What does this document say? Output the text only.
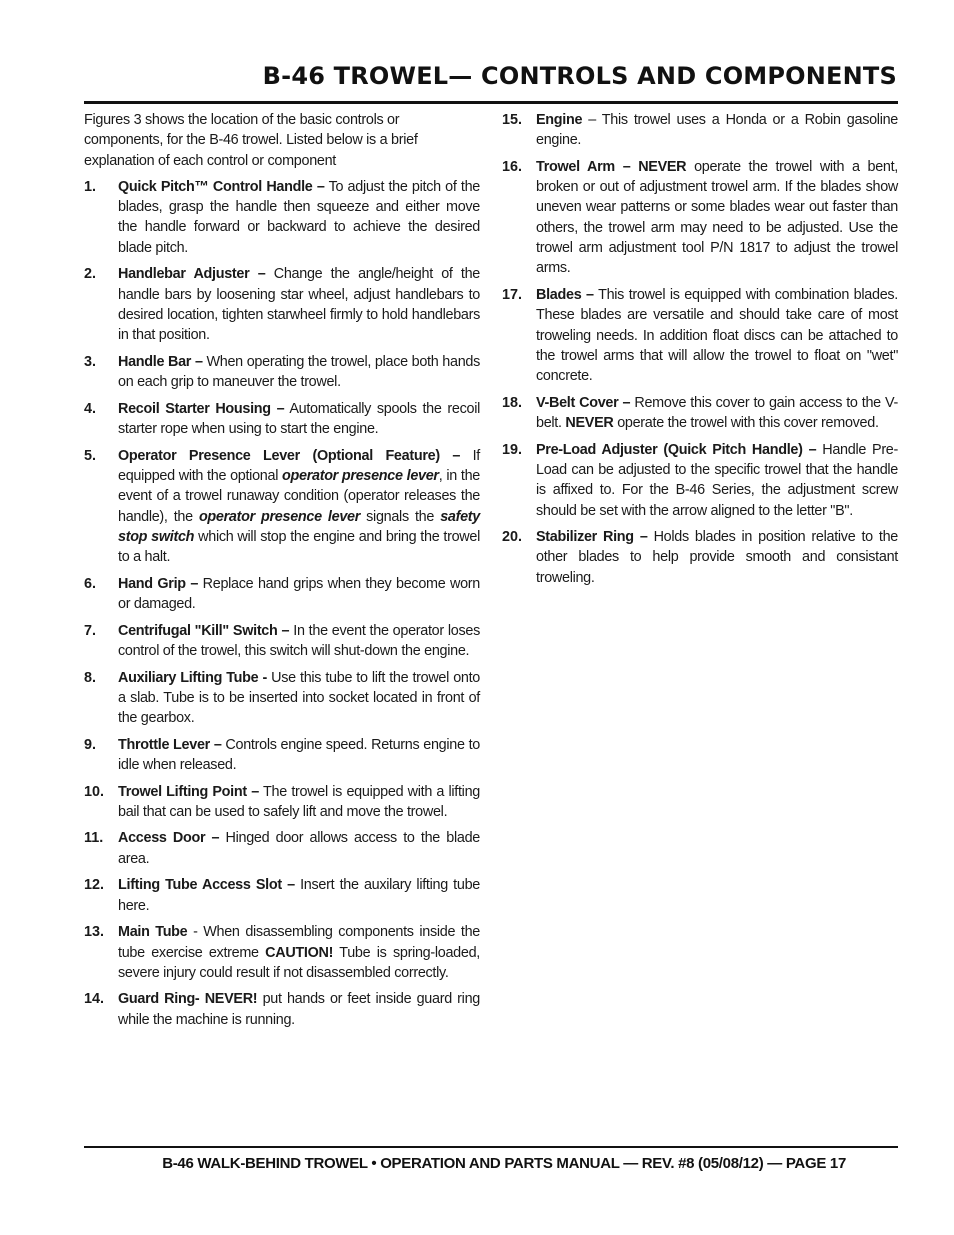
B-46 TROWEL— CONTROLS AND COMPONENTS

Figures 3 shows the location of the basic controls or components, for the B-46 trowel. Listed below is a brief explanation of each control or component

1.	Quick Pitch™ Control Handle – To adjust the pitch of the blades, grasp the handle then squeeze and either move the handle forward or backward to achieve the desired blade pitch.
2.	Handlebar Adjuster – Change the angle/height of the handle bars by loosening star wheel, adjust handlebars to desired location, tighten starwheel firmly to hold handlebars in that position.
3.	Handle Bar – When operating the trowel, place both hands on each grip to maneuver the trowel.
4.	Recoil Starter Housing – Automatically spools the recoil starter rope when using to start the engine.
5.	Operator Presence Lever (Optional Feature) – If equipped with the optional operator presence lever, in the event of a trowel runaway condition (operator releases the handle), the operator presence lever signals the safety stop switch which will stop the engine and bring the trowel to a halt.
6.	Hand Grip – Replace hand grips when they become worn or damaged.
7.	Centrifugal "Kill" Switch – In the event the operator loses control of the trowel, this switch will shut-down the engine.
8.	Auxiliary Lifting Tube - Use this tube to lift the trowel onto a slab. Tube is to be inserted into socket located in front of the gearbox.
9.	Throttle Lever – Controls engine speed. Returns engine to idle when released.
10. Trowel Lifting Point – The trowel is equipped with a lifting bail that can be used to safely lift and move the trowel.
11.	Access Door – Hinged door allows access to the blade area.
12. Lifting Tube Access Slot – Insert the auxilary lifting tube here.
13. Main Tube - When disassembling components inside the tube exercise extreme CAUTION! Tube is spring-loaded, severe injury could result if not disassembled correctly.
14. Guard Ring- NEVER! put hands or feet inside guard ring while the machine is running.
15. Engine – This trowel uses a Honda or a Robin gasoline engine.
16. Trowel Arm – NEVER operate the trowel with a bent, broken or out of adjustment trowel arm. If the blades show uneven wear patterns or some blades wear out faster than others, the trowel arm may need to be adjusted. Use the trowel arm adjustment tool P/N 1817 to adjust the trowel arms.
17. Blades – This trowel is equipped with combination blades. These blades are versatile and should take care of most troweling needs. In addition float discs can be attached to the trowel arms that will allow the trowel to float on "wet" concrete.
18. V-Belt Cover – Remove this cover to gain access to the V-belt. NEVER operate the trowel with this cover removed.
19. Pre-Load Adjuster (Quick Pitch Handle) – Handle Pre-Load can be adjusted to the specific trowel that the handle is affixed to. For the B-46 Series, the adjustment screw should be set with the arrow aligned to the letter "B".
20. Stabilizer Ring – Holds blades in position relative to the other blades to help provide smooth and consistant troweling.
B-46 WALK-BEHIND TROWEL • OPERATION AND PARTS MANUAL — REV. #8 (05/08/12) — PAGE 17
